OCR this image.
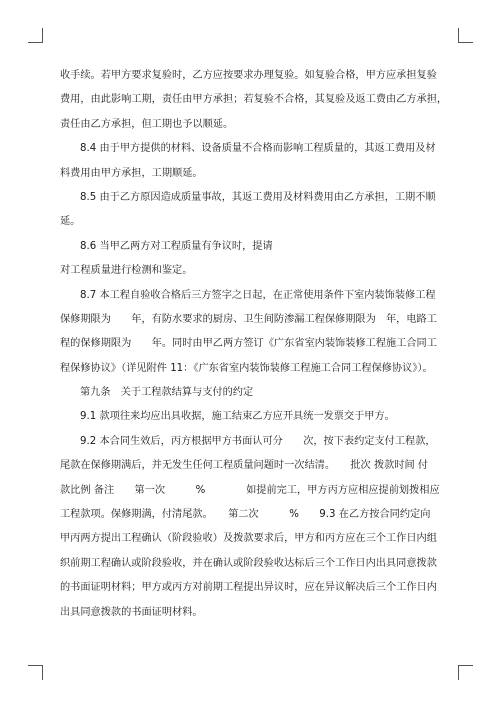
收手续。若甲方要求复验时，乙方应按要求办理复验。如复验合格，甲方应承担复验
费用，由此影响工期，责任由甲方承担；若复验不合格，其复验及返工费由乙方承担，
责任由乙方承担，但工期也予以顺延。
8.4 由于甲方提供的材料、设备质量不合格而影响工程质量的，其返工费用及材
料费用由甲方承担，工期顺延。
8.5 由于乙方原因造成质量事故，其返工费用及材料费用由乙方承担，工期不顺
延。
8.6 当甲乙两方对工程质量有争议时，提请
对工程质量进行检测和鉴定。
8.7 本工程自验收合格后三方签字之日起，在正常使用条件下室内装饰装修工程
保修期限为　　年，有防水要求的厨房、卫生间防渗漏工程保修期限为　年，电路工
程的保修期限为　　年。同时由甲乙两方签订《广东省室内装饰装修工程施工合同工
程保修协议》（详见附件 11：《广东省室内装饰装修工程施工合同工程保修协议》）。
第九条　关于工程款结算与支付的约定
9.1 款项往来均应出具收据，施工结束乙方应开具统一发票交于甲方。
9.2 本合同生效后，丙方根据甲方书面认可分　　次，按下表约定支付工程款，
尾款在保修期满后，并无发生任何工程质量问题时一次结清。　　批次 拨款时间 付
款比例 备注　　第一次　　　%　　　　如提前完工，甲方丙方应相应提前划拨相应
工程款项。保修期满，付清尾款。　　第二次　　　%　　9.3 在乙方按合同约定向
甲丙两方提出工程确认（阶段验收）及拨款要求后，甲方和丙方应在三个工作日内组
织前期工程确认或阶段验收，并在确认或阶段验收达标后三个工作日内出具同意拨款
的书面证明材料；甲方或丙方对前期工程提出异议时，应在异议解决后三个工作日内
出具同意拨款的书面证明材料。
